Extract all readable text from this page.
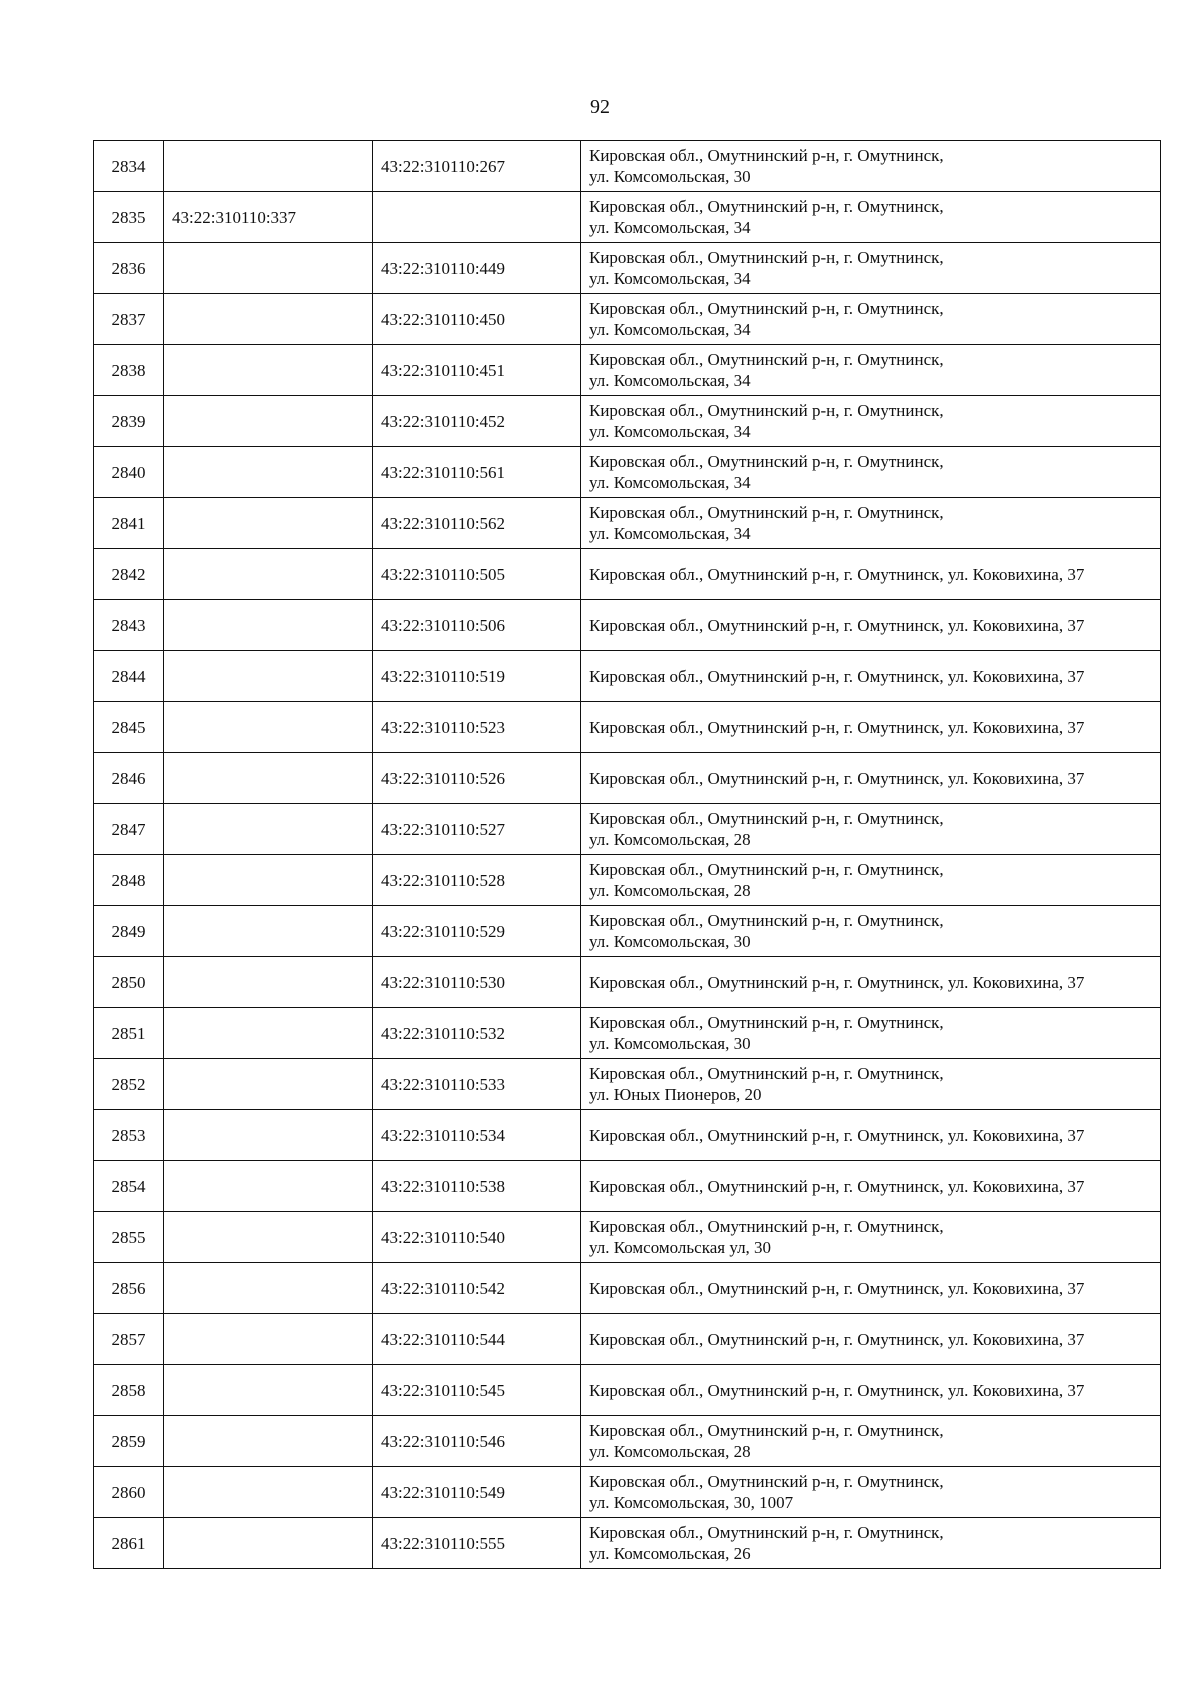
92
2834		43:22:310110:267	Кировская обл., Омутнинский р-н, г. Омутнинск,
ул. Комсомольская, 30

2835	43:22:310110:337		Кировская обл., Омутнинский р-н, г. Омутнинск,
ул. Комсомольская, 34

2836		43:22:310110:449	Кировская обл., Омутнинский р-н, г. Омутнинск,
ул. Комсомольская, 34

2837		43:22:310110:450	Кировская обл., Омутнинский р-н, г. Омутнинск,
ул. Комсомольская, 34

2838		43:22:310110:451	Кировская обл., Омутнинский р-н, г. Омутнинск,
ул. Комсомольская, 34

2839		43:22:310110:452	Кировская обл., Омутнинский р-н, г. Омутнинск,
ул. Комсомольская, 34

2840		43:22:310110:561	Кировская обл., Омутнинский р-н, г. Омутнинск,
ул. Комсомольская, 34

2841		43:22:310110:562	Кировская обл., Омутнинский р-н, г. Омутнинск,
ул. Комсомольская, 34

2842		43:22:310110:505	Кировская обл., Омутнинский р-н, г. Омутнинск, ул. Коковихина, 37

2843		43:22:310110:506	Кировская обл., Омутнинский р-н, г. Омутнинск, ул. Коковихина, 37

2844		43:22:310110:519	Кировская обл., Омутнинский р-н, г. Омутнинск, ул. Коковихина, 37

2845		43:22:310110:523	Кировская обл., Омутнинский р-н, г. Омутнинск, ул. Коковихина, 37

2846		43:22:310110:526	Кировская обл., Омутнинский р-н, г. Омутнинск, ул. Коковихина, 37

2847		43:22:310110:527	Кировская обл., Омутнинский р-н, г. Омутнинск,
ул. Комсомольская, 28

2848		43:22:310110:528	Кировская обл., Омутнинский р-н, г. Омутнинск,
ул. Комсомольская, 28

2849		43:22:310110:529	Кировская обл., Омутнинский р-н, г. Омутнинск,
ул. Комсомольская, 30

2850		43:22:310110:530	Кировская обл., Омутнинский р-н, г. Омутнинск, ул. Коковихина, 37

2851		43:22:310110:532	Кировская обл., Омутнинский р-н, г. Омутнинск,
ул. Комсомольская, 30

2852		43:22:310110:533	Кировская обл., Омутнинский р-н, г. Омутнинск,
ул. Юных Пионеров, 20

2853		43:22:310110:534	Кировская обл., Омутнинский р-н, г. Омутнинск, ул. Коковихина, 37

2854		43:22:310110:538	Кировская обл., Омутнинский р-н, г. Омутнинск, ул. Коковихина, 37

2855		43:22:310110:540	Кировская обл., Омутнинский р-н, г. Омутнинск,
ул. Комсомольская ул, 30

2856		43:22:310110:542	Кировская обл., Омутнинский р-н, г. Омутнинск, ул. Коковихина, 37

2857		43:22:310110:544	Кировская обл., Омутнинский р-н, г. Омутнинск, ул. Коковихина, 37

2858		43:22:310110:545	Кировская обл., Омутнинский р-н, г. Омутнинск, ул. Коковихина, 37

2859		43:22:310110:546	Кировская обл., Омутнинский р-н, г. Омутнинск,
ул. Комсомольская, 28

2860		43:22:310110:549	Кировская обл., Омутнинский р-н, г. Омутнинск,
ул. Комсомольская, 30, 1007

2861		43:22:310110:555	Кировская обл., Омутнинский р-н, г. Омутнинск,
ул. Комсомольская, 26
